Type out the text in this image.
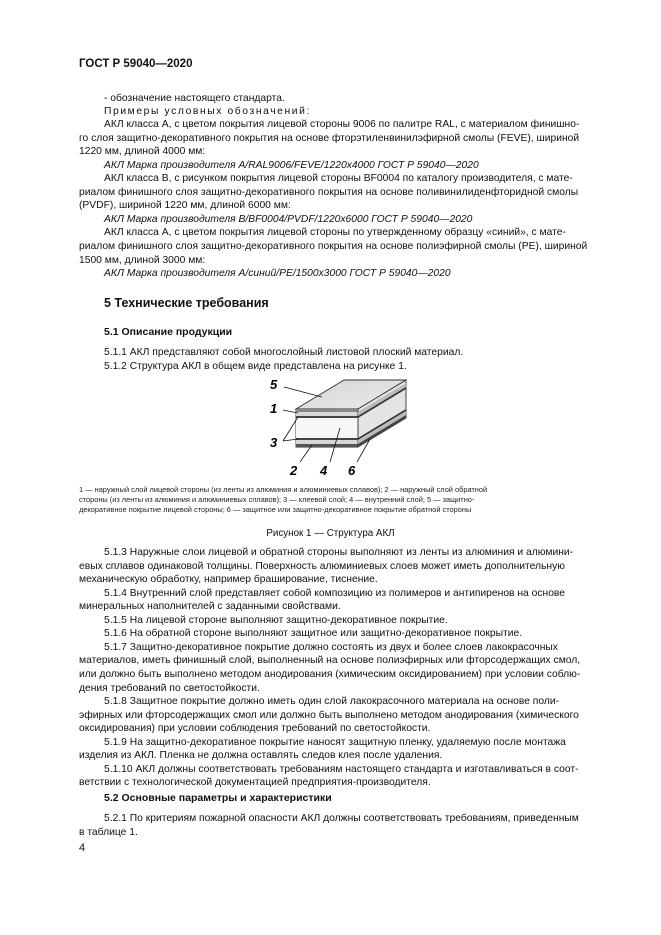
ГОСТ Р 59040—2020
- обозначение настоящего стандарта.
Примеры условных обозначений:
АКЛ класса А, с цветом покрытия лицевой стороны 9006 по палитре RAL, с материалом финишно-
го слоя защитно-декоративного покрытия на основе фторэтиленвинилэфирной смолы (FEVE), шириной
1220 мм, длиной 4000 мм:
АКЛ Марка производителя A/RAL9006/FEVE/1220x4000 ГОСТ Р 59040—2020
АКЛ класса В, с рисунком покрытия лицевой стороны BF0004 по каталогу производителя, с мате-
риалом финишного слоя защитно-декоративного покрытия на основе поливинилиденфторидной смолы
(PVDF), шириной 1220 мм, длиной 6000 мм:
АКЛ Марка производителя B/BF0004/PVDF/1220x6000 ГОСТ Р 59040—2020
АКЛ класса А, с цветом покрытия лицевой стороны по утвержденному образцу «синий», с мате-
риалом финишного слоя защитно-декоративного покрытия на основе полиэфирной смолы (PE), шириной
1500 мм, длиной 3000 мм:
АКЛ Марка производителя А/синий/PE/1500x3000 ГОСТ Р 59040—2020
5 Технические требования
5.1 Описание продукции
5.1.1 АКЛ представляют собой многослойный листовой плоский материал.
5.1.2 Структура АКЛ в общем виде представлена на рисунке 1.
5
1
3
2 4 6
1 — наружный слой лицевой стороны (из ленты из алюминия и алюминиевых сплавов); 2 — наружный слой обратной
стороны (из ленты из алюминия и алюминиевых сплавов); 3 — клеевой слой; 4 — внутренний слой; 5 — защитно-
декоративное покрытие лицевой стороны; 6 — защитное или защитно-декоративное покрытие обратной стороны
Рисунок 1 — Структура АКЛ
5.1.3 Наружные слои лицевой и обратной стороны выполняют из ленты из алюминия и алюмини-
евых сплавов одинаковой толщины. Поверхность алюминиевых слоев может иметь дополнительную
механическую обработку, например браширование, тиснение.
5.1.4 Внутренний слой представляет собой композицию из полимеров и антипиренов на основе
минеральных наполнителей с заданными свойствами.
5.1.5 На лицевой стороне выполняют защитно-декоративное покрытие.
5.1.6 На обратной стороне выполняют защитное или защитно-декоративное покрытие.
5.1.7 Защитно-декоративное покрытие должно состоять из двух и более слоев лакокрасочных
материалов, иметь финишный слой, выполненный на основе полиэфирных или фторсодержащих смол,
или должно быть выполнено методом анодирования (химическим оксидированием) при условии соблю-
дения требований по светостойкости.
5.1.8 Защитное покрытие должно иметь один слой лакокрасочного материала на основе поли-
эфирных или фторсодержащих смол или должно быть выполнено методом анодирования (химического
оксидирования) при условии соблюдения требований по светостойкости.
5.1.9 На защитно-декоративное покрытие наносят защитную пленку, удаляемую после монтажа
изделия из АКЛ. Пленка не должна оставлять следов клея после удаления.
5.1.10 АКЛ должны соответствовать требованиям настоящего стандарта и изготавливаться в соот-
ветствии с технологической документацией предприятия-производителя.
5.2 Основные параметры и характеристики
5.2.1 По критериям пожарной опасности АКЛ должны соответствовать требованиям, приведенным
в таблице 1.
4
